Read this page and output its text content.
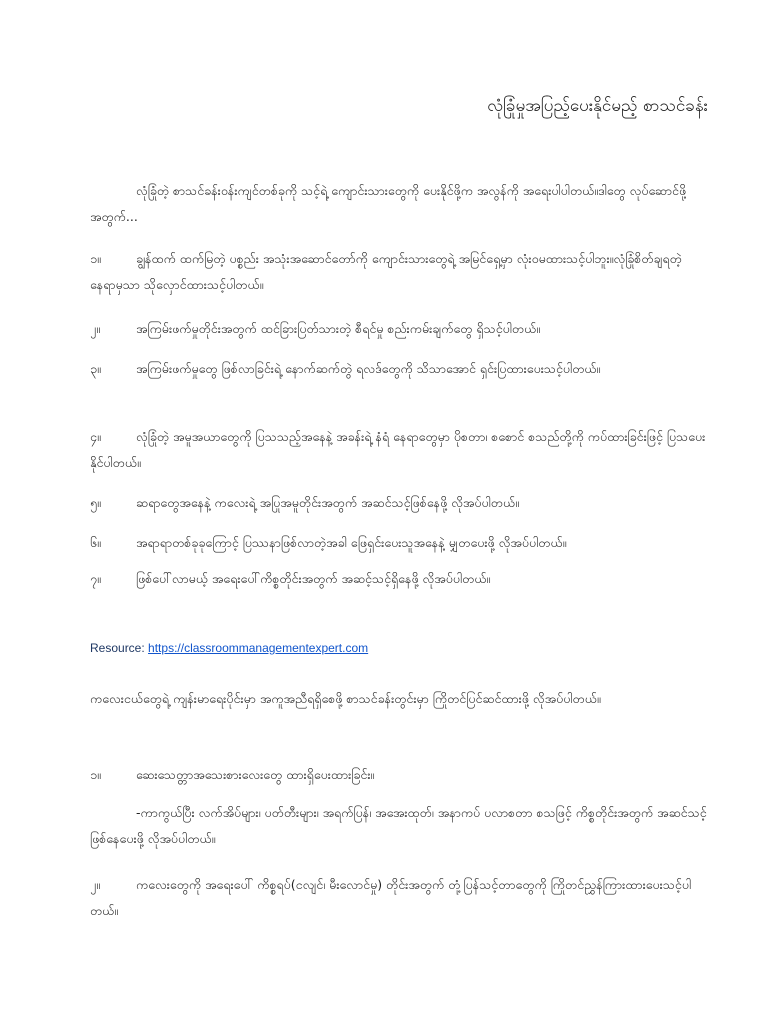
လုံခြုံမှုအပြည့်ပေးနိုင်မည့် စာသင်ခန်း
လုံခြုံတဲ့ စာသင်ခန်းဝန်းကျင်တစ်ခုကို သင့်ရဲ့ ကျောင်းသားတွေကို ပေးနိုင်ဖို့က အလွန်ကို အရေးပါပါတယ်။ဒါတွေ လုပ်ဆောင်ဖို့အတွက်...
၁။	ချွန်ထက် ထက်မြတဲ့ ပစ္စည်း အသုံးအဆောင်တော်ကို ကျောင်းသားတွေရဲ့ အမြင်ရှေ့မှာ လုံးဝမထားသင့်ပါဘူး။လုံခြုံစိတ်ချရတဲ့ နေရာမှသာ သိုလှောင်ထားသင့်ပါတယ်။
၂။	အကြမ်းဖက်မှုတိုင်းအတွက် ထင်ခြားပြတ်သားတဲ့ စီရင်မှု စည်းကမ်းချက်တွေ ရှိသင့်ပါတယ်။
၃။	အကြမ်းဖက်မှုတွေ ဖြစ်လာခြင်းရဲ့ နောက်ဆက်တွဲ ရလဒ်တွေကို သိသာအောင် ရှင်းပြထားပေးသင့်ပါတယ်။
၄။	လုံခြုံတဲ့ အမူအယာတွေကို ပြသသည့်အနေနဲ့ အခန်းရဲ့ နံရံ နေရာတွေမှာ ပိုစတာ၊ စစောင် စသည်တို့ကို ကပ်ထားခြင်းဖြင့် ပြသပေးနိုင်ပါတယ်။
၅။	ဆရာတွေအနေနဲ့ ကလေးရဲ့ အပြုအမူတိုင်းအတွက် အဆင်သင့်ဖြစ်နေဖို့ လိုအပ်ပါတယ်။
၆။	အရာရာတစ်ခုခုကြောင့် ပြဿနာဖြစ်လာတဲ့အခါ ဖြေရှင်းပေးသူအနေနဲ့ မျှတပေးဖို့ လိုအပ်ပါတယ်။
၇။	ဖြစ်ပေါ်လာမယ့် အရေးပေါ်ကိစ္စတိုင်းအတွက် အဆင့်သင့်ရှိနေဖို့ လိုအပ်ပါတယ်။
Resource: https://classroommanagementexpert.com
ကလေးငယ်တွေရဲ့ ကျန်းမာရေးပိုင်းမှာ အကူအညီရရှိစေဖို့ စာသင်ခန်းတွင်းမှာ ကြိုတင်ပြင်ဆင်ထားဖို့ လိုအပ်ပါတယ်။
၁။	ဆေးသေတ္တာအသေးစားလေးတွေ ထားရှိပေးထားခြင်း။
-ကာကွယ်ပြီး လက်အိပ်များ၊ ပတ်တီးများ၊ အရက်ပြန်၊ အအေးထုတ်၊ အနာကပ် ပလာစတာ စသဖြင့် ကိစ္စတိုင်းအတွက် အဆင်သင့်ဖြစ်နေပေးဖို့ လိုအပ်ပါတယ်။
၂။	ကလေးတွေကို အရေးပေါ် ကိစ္စရပ်(ငလျင်၊ မီးလောင်မှု) တိုင်းအတွက် တုံ့ပြန်သင့်တာတွေကို ကြိုတင်ညွှန်ကြားထားပေးသင့်ပါတယ်။
